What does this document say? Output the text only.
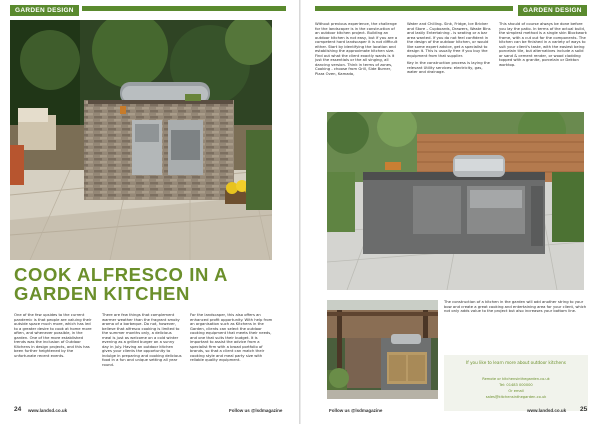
GARDEN DESIGN
COOK ALFRESCO IN A GARDEN KITCHEN

One of the few upsides to the current pandemic is that people are valuing their outside space much more, which has led to a greater desire to cook at home more often, and whenever possible, in the garden. One of the more established trends was the inclusion of Outdoor Kitchens in design projects, and this has been further heightened by the unfortunate recent events.

There are few things that complement warmer weather than the fragrant smoky aroma of a barbeque. Do not, however, believe that alfresco cooking is limited to the summer months only, a delicious meal is just as welcome on a cold winter evening as a grilled burger on a sunny day in July. Having an outdoor kitchen gives your clients the opportunity to indulge in preparing and cooking delicious food in a fun and unique setting all year round.

For the landscaper, this also offers an enhanced profit opportunity. With help from an organisation such as Kitchens in the Garden, clients can select the outdoor cooking equipment that meets their needs, and one that suits their budget. It is important to assist the advice from a specialist firm with a broad portfolio of brands, so that a client can match their cooking style and meal party size with reliable quality equipment.

24 www.landsd.co.uk	Follow us @lsdmagazine
GARDEN DESIGN

Without previous experience, the challenge for the landscaper is in the construction of an outdoor kitchen project. Building an outdoor kitchen is not easy, but if you are a competent hard landscaper it is not difficult either. Start by identifying the location and establishing the approximate kitchen size. Find out what the client exactly wants is it just the essentials or the all singing, all dancing version. Think in terms of zones, Cooking - choose from Grill, Side Burner, Pizza Oven, Kamado,

Water and Chilling- Sink, Fridge, Ice Bricker and Store – Cupboards, Drawers, Waste Bins and lastly Entertaining - is seating or a bar area wanted. If you do not feel confident in the design of the outdoor kitchen, or would like some expert advice, get a specialist to design it. This is usually free if you buy the equipment from that supplier.

Key in the construction process is laying the relevant Utility services: electricity, gas, water and drainage.

This should of course always be done before you lay the patio. In terms of the actual build, the simplest method is a single skin Blockwork frame, with a cut out for the components. The kitchen can be finished in a variety of ways to suit your client's taste, with the easiest being porcelain tile, but alternatives include a solid or sand & cement render, or wood cladding topped with a granite, porcelain or Dekton worktop.

The construction of a kitchen in the garden will add another string to your bow and create a great cooking and entertaining area for your client, which not only adds value to the project but also increases your bottom line.

If you like to learn more about outdoor kitchens
Remote or kitchensinthegarden.co.uk
Tel: 01483 000000
Or email
sales@kitchensinthegarden.co.uk
Follow us @lsdmagazine	www.landsd.co.uk 25
